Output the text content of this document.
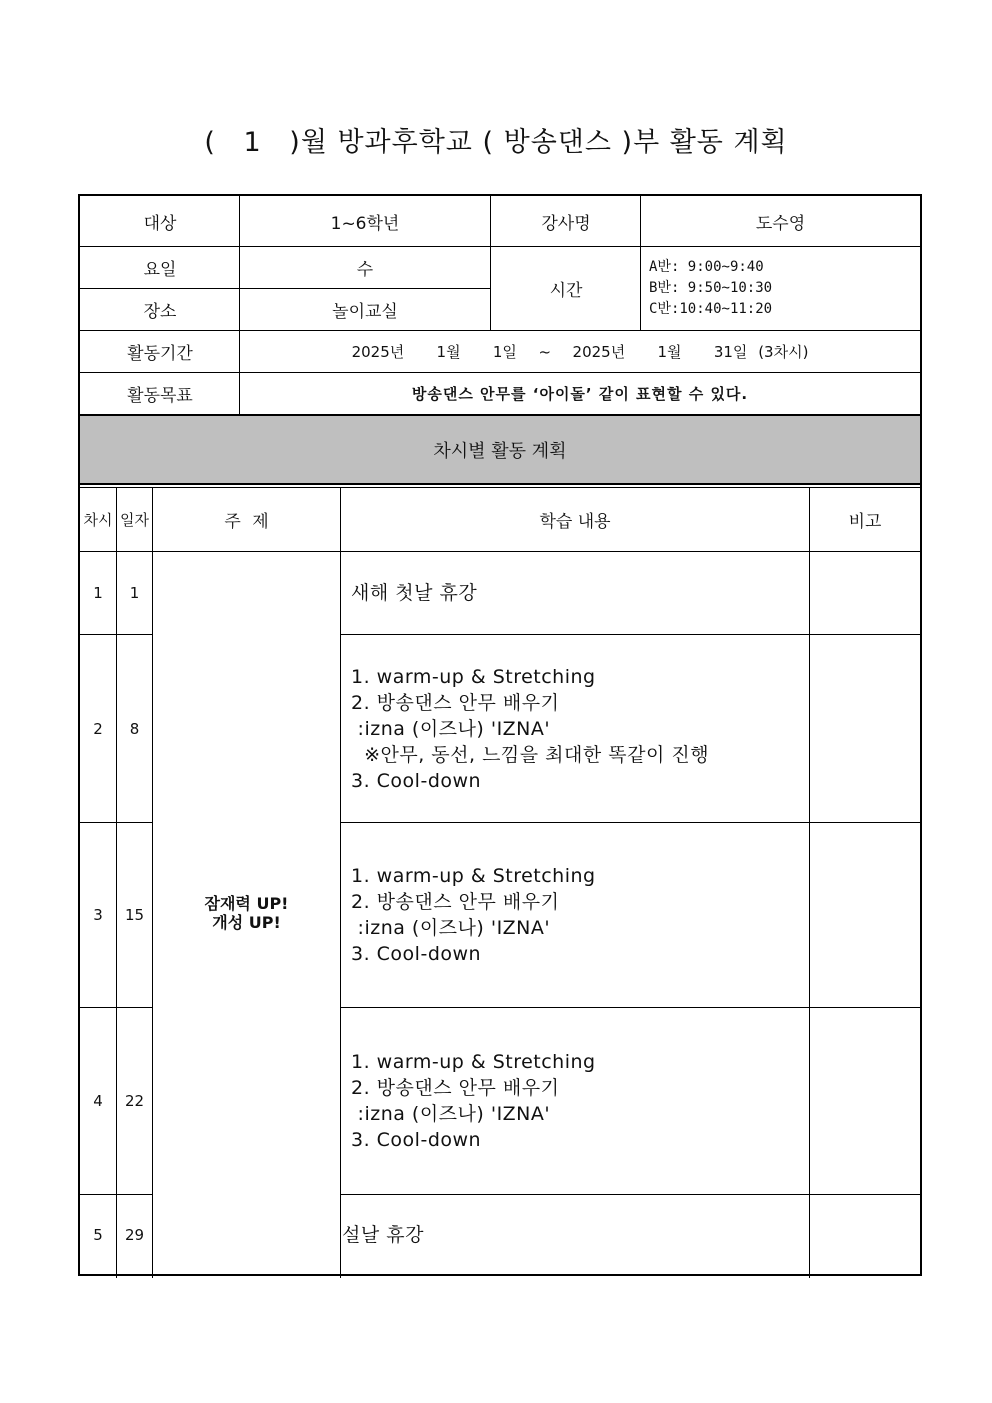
( 1 )월 방과후학교 ( 방송댄스 )부 활동 계획
대상	1~6학년	강사명	도수영
요일	수
시간
A반: 9:00~9:40
B반: 9:50~10:30
C반:10:40~11:20
장소	놀이교실
활동기간	2025년   1월   1일  ~  2025년   1월   31일 (3차시)
활동목표	방송댄스 안무를 ‘아이돌’ 같이 표현할 수 있다.
차시별 활동 계획
차시 일자	주 제	학습 내용	비고
잠재력 UP!
개성 UP!
1	1	새해 첫날 휴강
2	8
1. warm-up & Stretching
2. 방송댄스 안무 배우기
:izna (이즈나) 'IZNA'
※안무, 동선, 느낌을 최대한 똑같이 진행
3. Cool-down
3	15
1. warm-up & Stretching
2. 방송댄스 안무 배우기
:izna (이즈나) 'IZNA'
3. Cool-down
4	22
1. warm-up & Stretching
2. 방송댄스 안무 배우기
:izna (이즈나) 'IZNA'
3. Cool-down
5	29	설날 휴강
